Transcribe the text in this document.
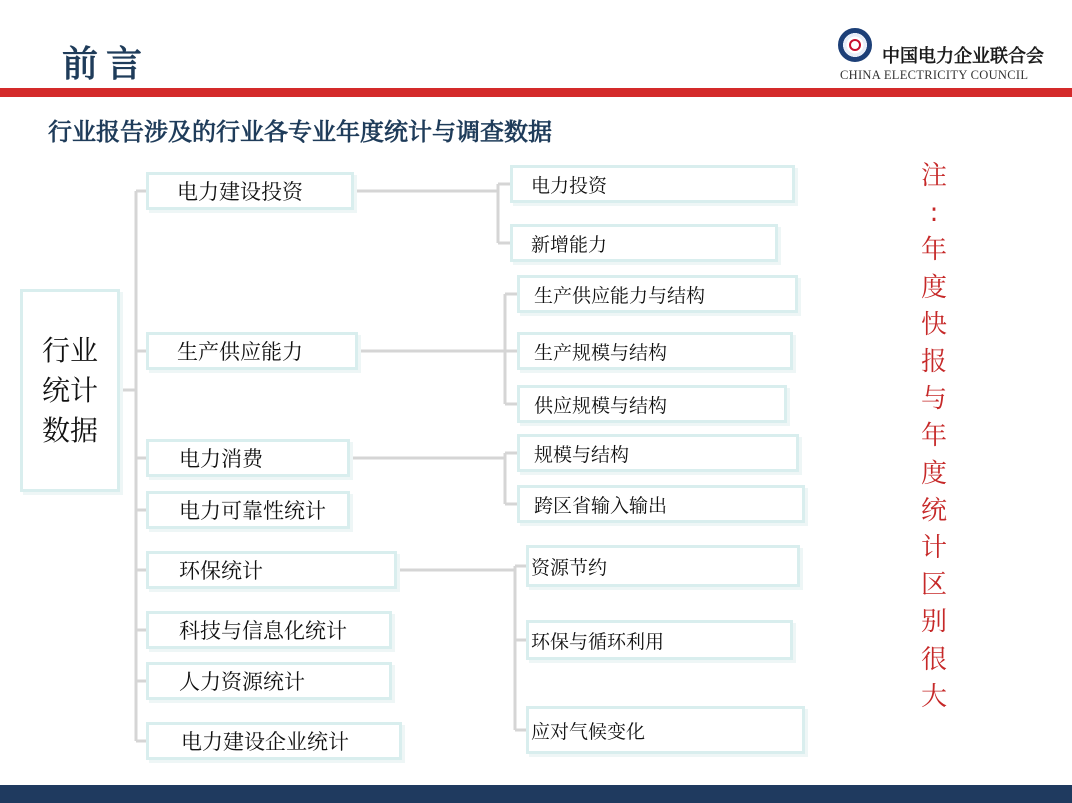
前言	中国电力企业联合会
CHINA ELECTRICITY COUNCIL
行业报告涉及的行业各专业年度统计与调查数据
行业
统计
数据
电力建设投资
生产供应能力
电力消费
电力可靠性统计
环保统计
科技与信息化统计
人力资源统计
电力建设企业统计
电力投资
新增能力
生产供应能力与结构
生产规模与结构
供应规模与结构
规模与结构
跨区省输入输出
资源节约
环保与循环利用
应对气候变化
注
:
年
度
快
报
与
年
度
统
计
区
别
很
大
